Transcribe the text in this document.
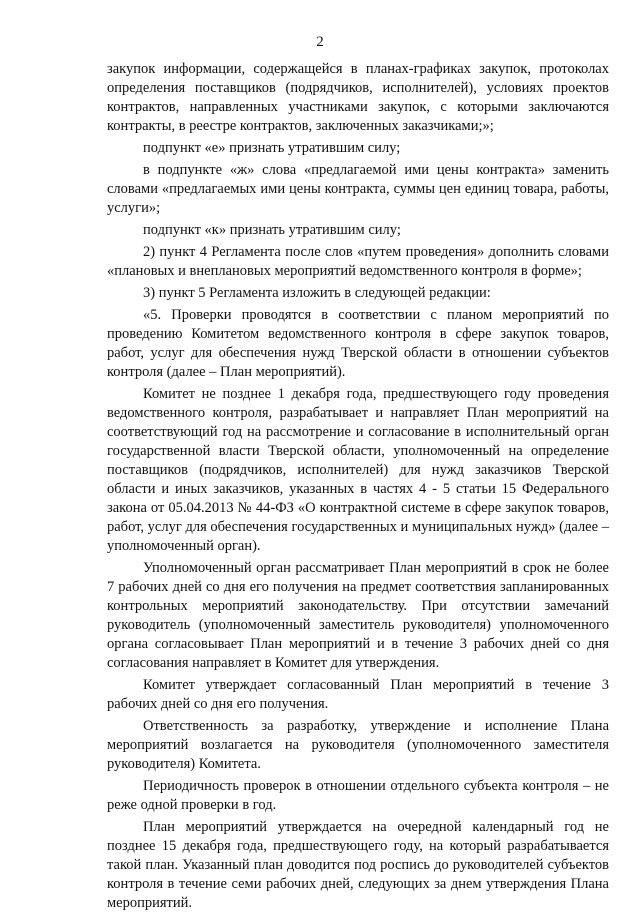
2

закупок информации, содержащейся в планах-графиках закупок, протоколах определения поставщиков (подрядчиков, исполнителей), условиях проектов контрактов, направленных участниками закупок, с которыми заключаются контракты, в реестре контрактов, заключенных заказчиками;»;

подпункт «е» признать утратившим силу;

в подпункте «ж» слова «предлагаемой ими цены контракта» заменить словами «предлагаемых ими цены контракта, суммы цен единиц товара, работы, услуги»;

подпункт «к» признать утратившим силу;

2) пункт 4 Регламента после слов «путем проведения» дополнить словами «плановых и внеплановых мероприятий ведомственного контроля в форме»;

3) пункт 5 Регламента изложить в следующей редакции:

«5. Проверки проводятся в соответствии с планом мероприятий по проведению Комитетом ведомственного контроля в сфере закупок товаров, работ, услуг для обеспечения нужд Тверской области в отношении субъектов контроля (далее – План мероприятий).

Комитет не позднее 1 декабря года, предшествующего году проведения ведомственного контроля, разрабатывает и направляет План мероприятий на соответствующий год на рассмотрение и согласование в исполнительный орган государственной власти Тверской области, уполномоченный на определение поставщиков (подрядчиков, исполнителей) для нужд заказчиков Тверской области и иных заказчиков, указанных в частях 4 - 5 статьи 15 Федерального закона от 05.04.2013 № 44-ФЗ «О контрактной системе в сфере закупок товаров, работ, услуг для обеспечения государственных и муниципальных нужд» (далее – уполномоченный орган).

Уполномоченный орган рассматривает План мероприятий в срок не более 7 рабочих дней со дня его получения на предмет соответствия запланированных контрольных мероприятий законодательству. При отсутствии замечаний руководитель (уполномоченный заместитель руководителя) уполномоченного органа согласовывает План мероприятий и в течение 3 рабочих дней со дня согласования направляет в Комитет для утверждения.

Комитет утверждает согласованный План мероприятий в течение 3 рабочих дней со дня его получения.

Ответственность за разработку, утверждение и исполнение Плана мероприятий возлагается на руководителя (уполномоченного заместителя руководителя) Комитета.

Периодичность проверок в отношении отдельного субъекта контроля – не реже одной проверки в год.

План мероприятий утверждается на очередной календарный год не позднее 15 декабря года, предшествующего году, на который разрабатывается такой план. Указанный план доводится под роспись до руководителей субъектов контроля в течение семи рабочих дней, следующих за днем утверждения Плана мероприятий.
